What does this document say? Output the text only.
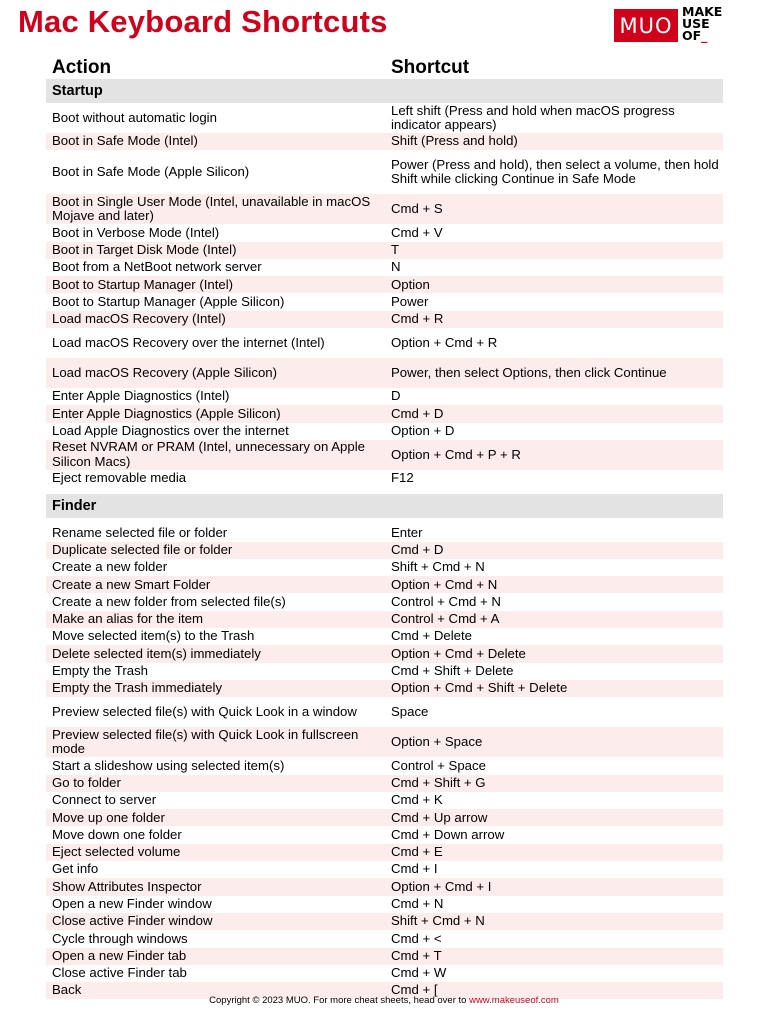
Mac Keyboard Shortcuts	MUO
MAKE
USE
OF_
Action	Shortcut
Startup
Boot without automatic login	Left shift (Press and hold when macOS progress indicator appears)
Boot in Safe Mode (Intel)	Shift (Press and hold)
Boot in Safe Mode (Apple Silicon)	Power (Press and hold), then select a volume, then hold Shift while clicking Continue in Safe Mode
Boot in Single User Mode (Intel, unavailable in macOS Mojave and later)	Cmd + S
Boot in Verbose Mode (Intel)	Cmd + V
Boot in Target Disk Mode (Intel)	T
Boot from a NetBoot network server	N
Boot to Startup Manager (Intel)	Option
Boot to Startup Manager (Apple Silicon)	Power
Load macOS Recovery (Intel)	Cmd + R
Load macOS Recovery over the internet (Intel)	Option + Cmd + R
Load macOS Recovery (Apple Silicon)	Power, then select Options, then click Continue
Enter Apple Diagnostics (Intel)	D
Enter Apple Diagnostics (Apple Silicon)	Cmd + D
Load Apple Diagnostics over the internet	Option + D
Reset NVRAM or PRAM (Intel, unnecessary on Apple Silicon Macs)	Option + Cmd + P + R
Eject removable media	F12
Finder
Rename selected file or folder	Enter
Duplicate selected file or folder	Cmd + D
Create a new folder	Shift + Cmd + N
Create a new Smart Folder	Option + Cmd + N
Create a new folder from selected file(s)	Control + Cmd + N
Make an alias for the item	Control + Cmd + A
Move selected item(s) to the Trash	Cmd + Delete
Delete selected item(s) immediately	Option + Cmd + Delete
Empty the Trash	Cmd + Shift + Delete
Empty the Trash immediately	Option + Cmd + Shift + Delete
Preview selected file(s) with Quick Look in a window	Space
Preview selected file(s) with Quick Look in fullscreen mode	Option + Space
Start a slideshow using selected item(s)	Control + Space
Go to folder	Cmd + Shift + G
Connect to server	Cmd + K
Move up one folder	Cmd + Up arrow
Move down one folder	Cmd + Down arrow
Eject selected volume	Cmd + E
Get info	Cmd + I
Show Attributes Inspector	Option + Cmd + I
Open a new Finder window	Cmd + N
Close active Finder window	Shift + Cmd + N
Cycle through windows	Cmd + <
Open a new Finder tab	Cmd + T
Close active Finder tab	Cmd + W
Back	Cmd + [
Copyright © 2023 MUO. For more cheat sheets, head over to www.makeuseof.com
